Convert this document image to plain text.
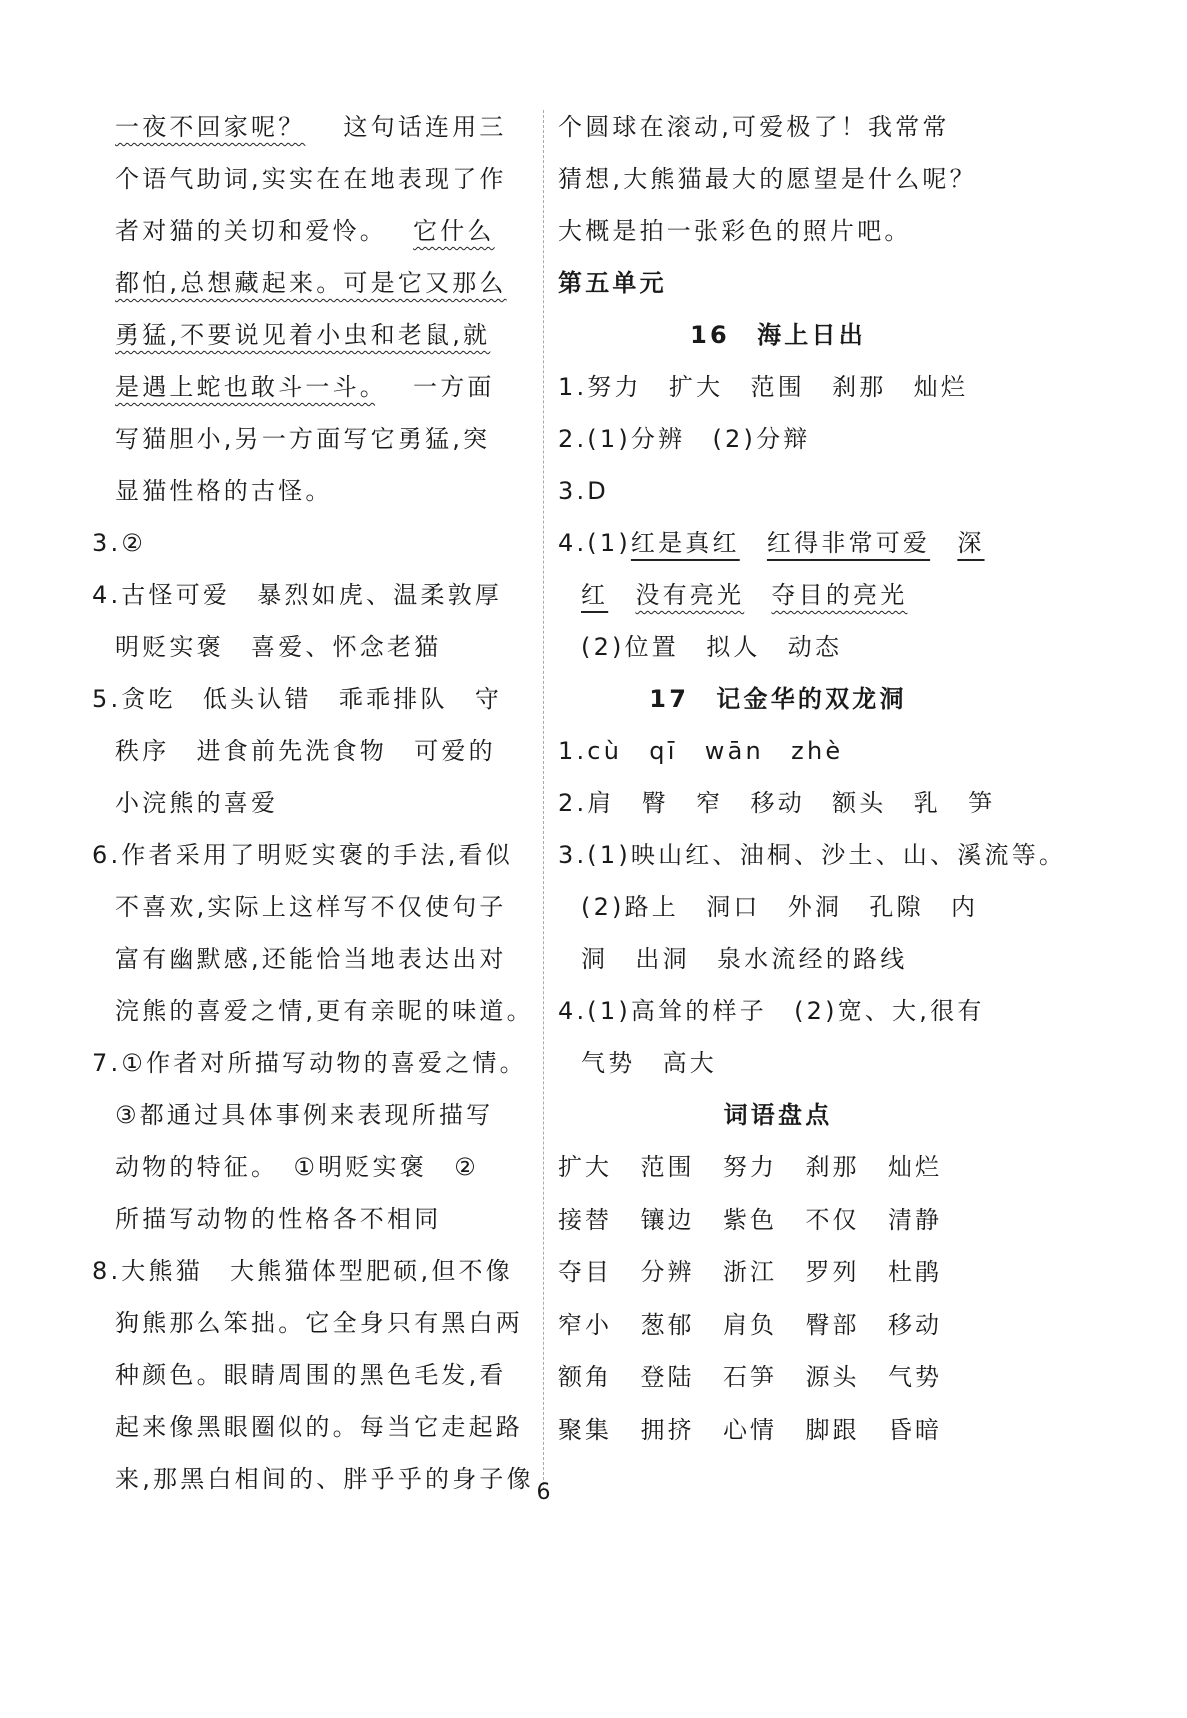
一夜不回家呢？　 这句话连用三
个语气助词,实实在在地表现了作
者对猫的关切和爱怜。　 它什么
都怕,总想藏起来。可是它又那么
勇猛,不要说见着小虫和老鼠,就
是遇上蛇也敢斗一斗。　 一方面
写猫胆小,另一方面写它勇猛,突
显猫性格的古怪。
3.②
4.古怪可爱　暴烈如虎、温柔敦厚
明贬实褒　喜爱、怀念老猫
5.贪吃　低头认错　乖乖排队　守
秩序　进食前先洗食物　可爱的
小浣熊的喜爱
6.作者采用了明贬实褒的手法,看似
不喜欢,实际上这样写不仅使句子
富有幽默感,还能恰当地表达出对
浣熊的喜爱之情,更有亲昵的味道。
7.①作者对所描写动物的喜爱之情。
③都通过具体事例来表现所描写
动物的特征。　①明贬实褒　②
所描写动物的性格各不相同
8.大熊猫　大熊猫体型肥硕,但不像
狗熊那么笨拙。它全身只有黑白两
种颜色。眼睛周围的黑色毛发,看
起来像黑眼圈似的。每当它走起路
来,那黑白相间的、胖乎乎的身子像
个圆球在滚动,可爱极了！我常常
猜想,大熊猫最大的愿望是什么呢？
大概是拍一张彩色的照片吧。
第五单元
16　海上日出
1.努力　扩大　范围　刹那　灿烂
2.(1)分辨　(2)分辩
3.D
4.(1)红是真红　 红得非常可爱　 深
红　 没有亮光　 夺目的亮光
(2)位置　拟人　动态
17　记金华的双龙洞
1.cù　qī　wān　zhè
2.肩　臀　窄　移动　额头　乳　笋
3.(1)映山红、油桐、沙土、山、溪流等。
(2)路上　洞口　外洞　孔隙　内
洞　出洞　泉水流经的路线
4.(1)高耸的样子　(2)宽、大,很有
气势　高大
词语盘点
扩大	范围	努力	刹那	灿烂
接替	镶边	紫色	不仅	清静
夺目	分辨	浙江	罗列	杜鹃
窄小	葱郁	肩负	臀部	移动
额角	登陆	石笋	源头	气势
聚集	拥挤	心情	脚跟	昏暗
6
